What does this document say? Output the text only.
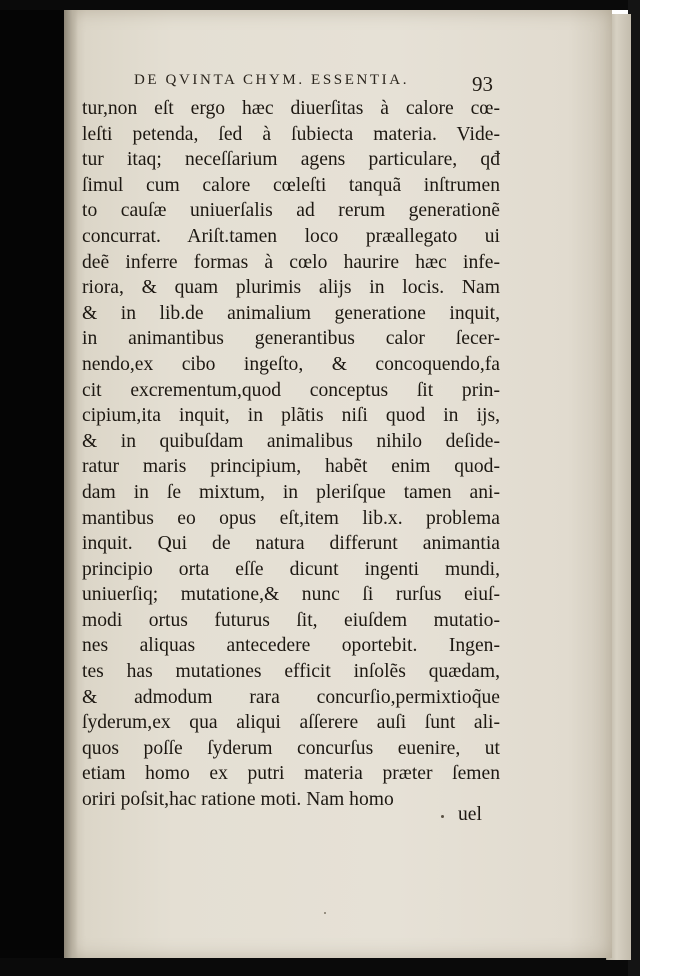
DE QVINTA CHYM. ESSENTIA.	93
tur,non eſt ergo hæc diuerſitas à calore cœ-
leſti petenda, ſed à ſubiecta materia. Vide-
tur itaq; neceſſarium agens particulare, qđ
ſimul cum calore cœleſti tanquã inſtrumen
to cauſæ uniuerſalis ad rerum generationẽ
concurrat. Ariſt.tamen loco præallegato ui
deẽ inferre formas à cœlo haurire hæc infe-
riora, & quam plurimis alijs in locis. Nam
& in lib.de animalium generatione inquit,
in animantibus generantibus calor ſecer-
nendo,ex cibo ingeſto, & concoquendo,fa
cit excrementum,quod conceptus ſit prin-
cipium,ita inquit, in plãtis niſi quod in ijs,
& in quibuſdam animalibus nihilo deſide-
ratur maris principium, habẽt enim quod-
dam in ſe mixtum, in pleriſque tamen ani-
mantibus eo opus eſt,item lib.x. problema
inquit. Qui de natura differunt animantia
principio orta eſſe dicunt ingenti mundi,
uniuerſiq; mutatione,& nunc ſi rurſus eiuſ-
modi ortus futurus ſit, eiuſdem mutatio-
nes aliquas antecedere oportebit. Ingen-
tes has mutationes efficit inſolẽs quædam,
& admodum rara concurſio,permixtioq̃ue
ſyderum,ex qua aliqui aſſerere auſi ſunt ali-
quos poſſe ſyderum concurſus euenire, ut
etiam homo ex putri materia præter ſemen
oriri poſsit,hac ratione moti. Nam homo
uel
